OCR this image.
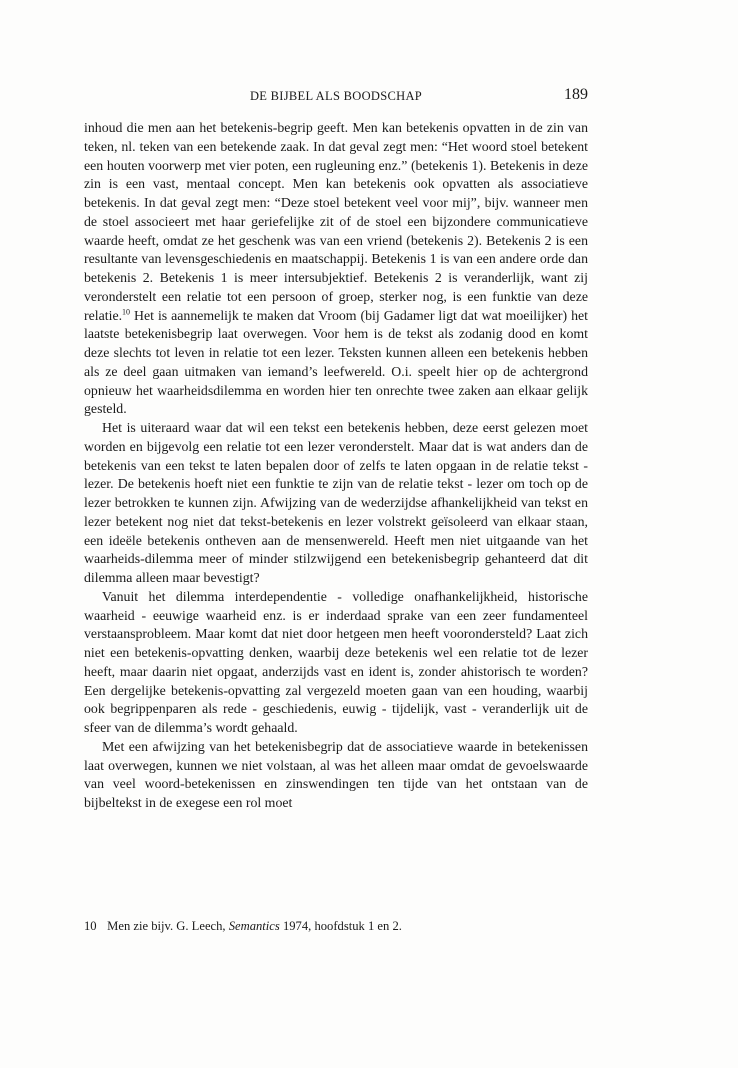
DE BIJBEL ALS BOODSCHAP	189

inhoud die men aan het betekenis-begrip geeft. Men kan betekenis opvatten in de zin van teken, nl. teken van een betekende zaak. In dat geval zegt men: “Het woord stoel betekent een houten voorwerp met vier poten, een rugleuning enz.” (betekenis 1). Betekenis in deze zin is een vast, mentaal concept. Men kan betekenis ook opvatten als associatieve betekenis. In dat geval zegt men: “Deze stoel betekent veel voor mij”, bijv. wanneer men de stoel associeert met haar geriefelijke zit of de stoel een bijzondere communicatieve waarde heeft, omdat ze het geschenk was van een vriend (betekenis 2). Betekenis 2 is een resultante van levensgeschiedenis en maatschappij. Betekenis 1 is van een andere orde dan betekenis 2. Betekenis 1 is meer intersubjektief. Betekenis 2 is veranderlijk, want zij veronderstelt een relatie tot een persoon of groep, sterker nog, is een funktie van deze relatie.$^{10}$ Het is aannemelijk te maken dat Vroom (bij Gadamer ligt dat wat moeilijker) het laatste betekenisbegrip laat overwegen. Voor hem is de tekst als zodanig dood en komt deze slechts tot leven in relatie tot een lezer. Teksten kunnen alleen een betekenis hebben als ze deel gaan uitmaken van iemand’s leefwereld. O.i. speelt hier op de achtergrond opnieuw het waarheidsdilemma en worden hier ten onrechte twee zaken aan elkaar gelijk gesteld.

Het is uiteraard waar dat wil een tekst een betekenis hebben, deze eerst gelezen moet worden en bijgevolg een relatie tot een lezer veronderstelt. Maar dat is wat anders dan de betekenis van een tekst te laten bepalen door of zelfs te laten opgaan in de relatie tekst - lezer. De betekenis hoeft niet een funktie te zijn van de relatie tekst - lezer om toch op de lezer betrokken te kunnen zijn. Afwijzing van de wederzijdse afhankelijkheid van tekst en lezer betekent nog niet dat tekst-betekenis en lezer volstrekt geïsoleerd van elkaar staan, een ideële betekenis ontheven aan de mensenwereld. Heeft men niet uitgaande van het waarheids-dilemma meer of minder stilzwijgend een betekenisbegrip gehanteerd dat dit dilemma alleen maar bevestigt?

Vanuit het dilemma interdependentie - volledige onafhankelijkheid, historische waarheid - eeuwige waarheid enz. is er inderdaad sprake van een zeer fundamenteel verstaansprobleem. Maar komt dat niet door hetgeen men heeft voorondersteld? Laat zich niet een betekenis-opvatting denken, waarbij deze betekenis wel een relatie tot de lezer heeft, maar daarin niet opgaat, anderzijds vast en ident is, zonder ahistorisch te worden? Een dergelijke betekenis-opvatting zal vergezeld moeten gaan van een houding, waarbij ook begrippenparen als rede - geschiedenis, euwig - tijdelijk, vast - veranderlijk uit de sfeer van de dilemma’s wordt gehaald.

Met een afwijzing van het betekenisbegrip dat de associatieve waarde in betekenissen laat overwegen, kunnen we niet volstaan, al was het alleen maar omdat de gevoelswaarde van veel woord-betekenissen en zinswendingen ten tijde van het ontstaan van de bijbeltekst in de exegese een rol moet

10 Men zie bijv. G. Leech, Semantics 1974, hoofdstuk 1 en 2.
